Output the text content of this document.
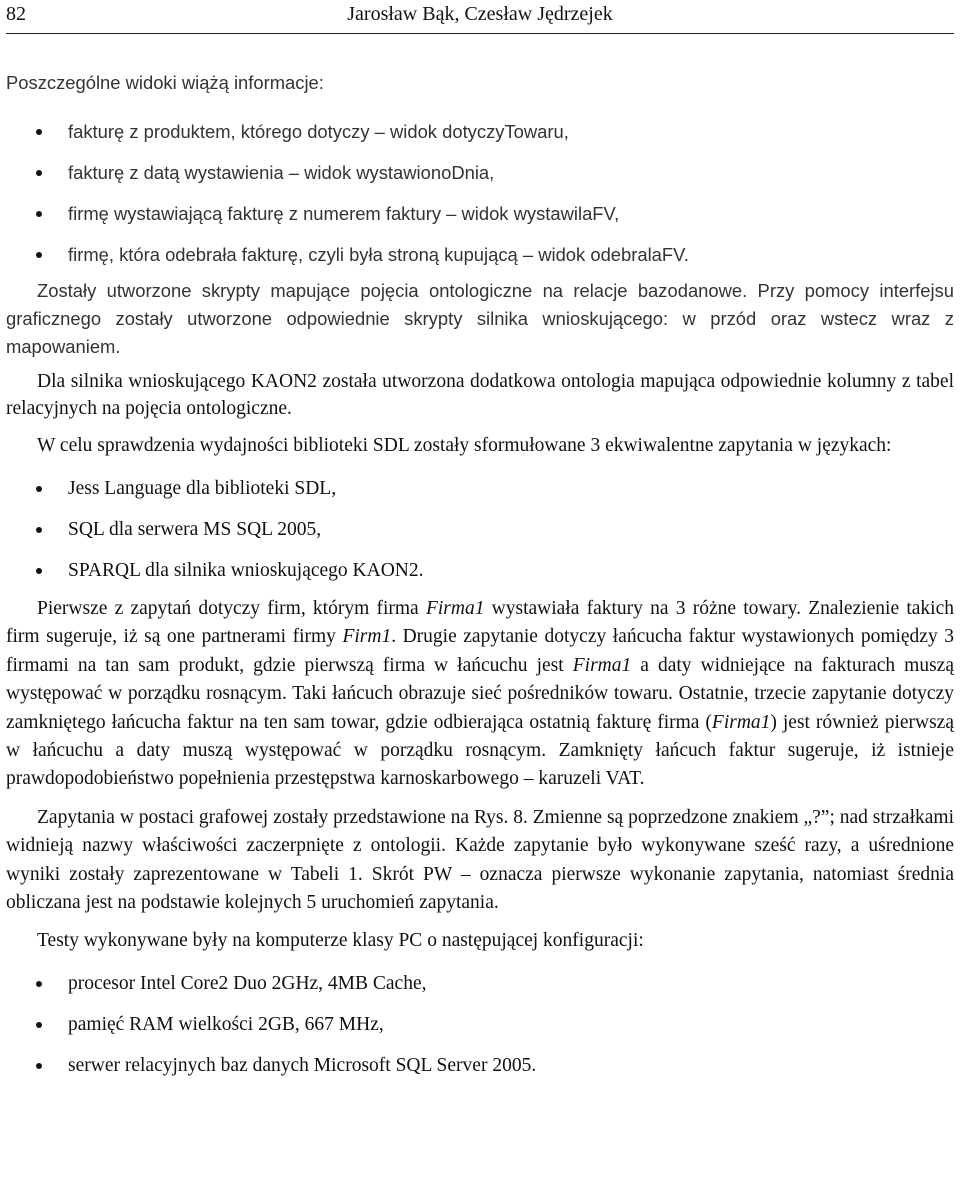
82	Jarosław Bąk, Czesław Jędrzejek

Poszczególne widoki wiążą informacje:

fakturę z produktem, którego dotyczy – widok dotyczyTowaru,
fakturę z datą wystawienia – widok wystawionoDnia,
firmę wystawiającą fakturę z numerem faktury – widok wystawilaFV,
firmę, która odebrała fakturę, czyli była stroną kupującą – widok odebralaFV.

Zostały utworzone skrypty mapujące pojęcia ontologiczne na relacje bazodanowe. Przy pomocy interfejsu graficznego zostały utworzone odpowiednie skrypty silnika wnioskującego: w przód oraz wstecz wraz z mapowaniem.

Dla silnika wnioskującego KAON2 została utworzona dodatkowa ontologia mapująca odpowiednie kolumny z tabel relacyjnych na pojęcia ontologiczne.

W celu sprawdzenia wydajności biblioteki SDL zostały sformułowane 3 ekwiwalentne zapytania w językach:

Jess Language dla biblioteki SDL,
SQL dla serwera MS SQL 2005,
SPARQL dla silnika wnioskującego KAON2.

Pierwsze z zapytań dotyczy firm, którym firma Firma1 wystawiała faktury na 3 różne towary. Znalezienie takich firm sugeruje, iż są one partnerami firmy Firm1. Drugie zapytanie dotyczy łańcucha faktur wystawionych pomiędzy 3 firmami na tan sam produkt, gdzie pierwszą firma w łańcuchu jest Firma1 a daty widniejące na fakturach muszą występować w porządku rosnącym. Taki łańcuch obrazuje sieć pośredników towaru. Ostatnie, trzecie zapytanie dotyczy zamkniętego łańcucha faktur na ten sam towar, gdzie odbierająca ostatnią fakturę firma (Firma1) jest również pierwszą w łańcuchu a daty muszą występować w porządku rosnącym. Zamknięty łańcuch faktur sugeruje, iż istnieje prawdopodobieństwo popełnienia przestępstwa karnoskarbowego – karuzeli VAT.

Zapytania w postaci grafowej zostały przedstawione na Rys. 8. Zmienne są poprzedzone znakiem „?”; nad strzałkami widnieją nazwy właściwości zaczerpnięte z ontologii. Każde zapytanie było wykonywane sześć razy, a uśrednione wyniki zostały zaprezentowane w Tabeli 1. Skrót PW – oznacza pierwsze wykonanie zapytania, natomiast średnia obliczana jest na podstawie kolejnych 5 uruchomień zapytania.

Testy wykonywane były na komputerze klasy PC o następującej konfiguracji:

procesor Intel Core2 Duo 2GHz, 4MB Cache,
pamięć RAM wielkości 2GB, 667 MHz,
serwer relacyjnych baz danych Microsoft SQL Server 2005.
